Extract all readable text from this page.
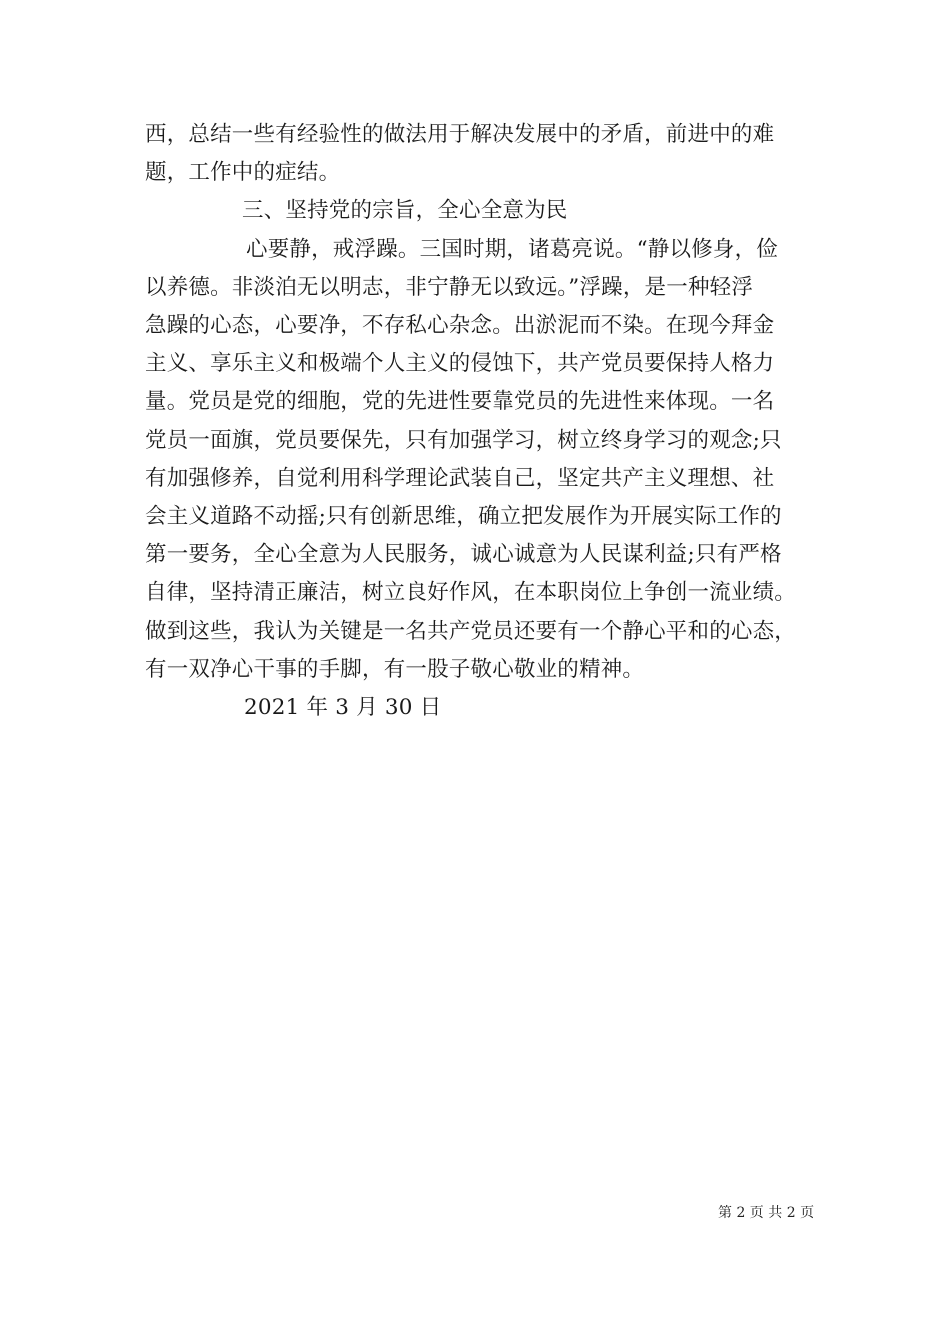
西，总结一些有经验性的做法用于解决发展中的矛盾，前进中的难
题，工作中的症结。

三、坚持党的宗旨，全心全意为民

心要静，戒浮躁。三国时期，诸葛亮说。“静以修身，俭
以养德。非淡泊无以明志，非宁静无以致远。”浮躁，是一种轻浮
急躁的心态，心要净，不存私心杂念。出淤泥而不染。在现今拜金
主义、享乐主义和极端个人主义的侵蚀下，共产党员要保持人格力
量。党员是党的细胞，党的先进性要靠党员的先进性来体现。一名
党员一面旗，党员要保先，只有加强学习，树立终身学习的观念;只
有加强修养，自觉利用科学理论武装自己，坚定共产主义理想、社
会主义道路不动摇;只有创新思维，确立把发展作为开展实际工作的
第一要务，全心全意为人民服务，诚心诚意为人民谋利益;只有严格
自律，坚持清正廉洁，树立良好作风，在本职岗位上争创一流业绩。
做到这些，我认为关键是一名共产党员还要有一个静心平和的心态，
有一双净心干事的手脚，有一股子敬心敬业的精神。

2021 年 3 月 30 日

第 2 页 共 2 页
